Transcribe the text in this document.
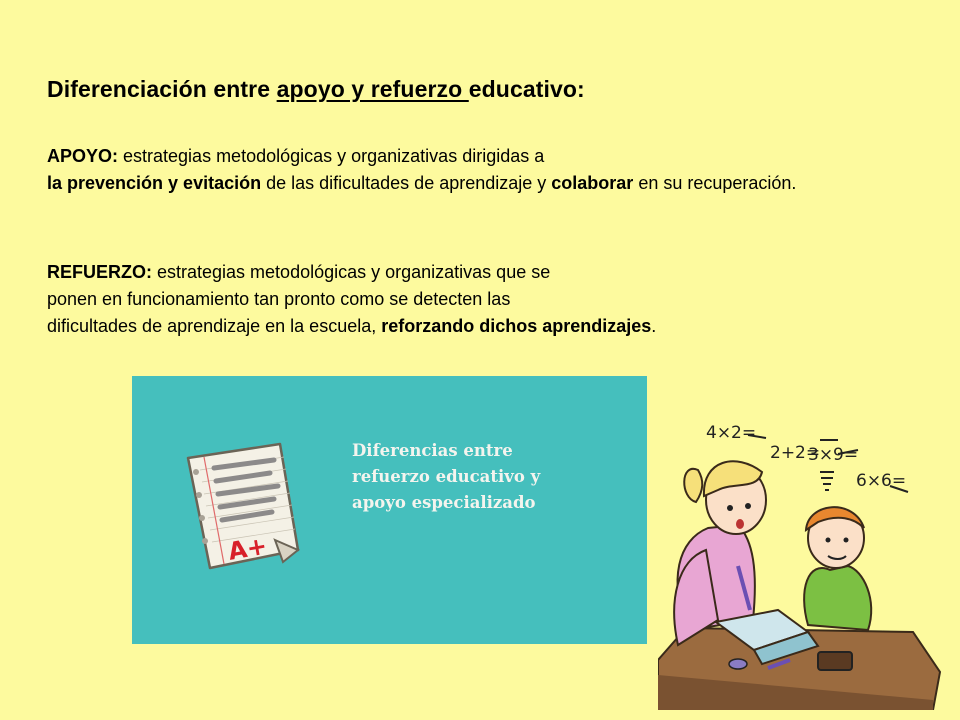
Diferenciación entre apoyo y refuerzo educativo:
APOYO: estrategias metodológicas y organizativas dirigidas a
la prevención y evitación de las dificultades de aprendizaje y colaborar en su recuperación.
REFUERZO: estrategias metodológicas y organizativas que se
ponen en funcionamiento tan pronto como se detecten las
dificultades de aprendizaje en la escuela, reforzando dichos aprendizajes.
A+
Diferencias entre
refuerzo educativo y
apoyo especializado
4×2=
2+2=
3×9=
6×6=
